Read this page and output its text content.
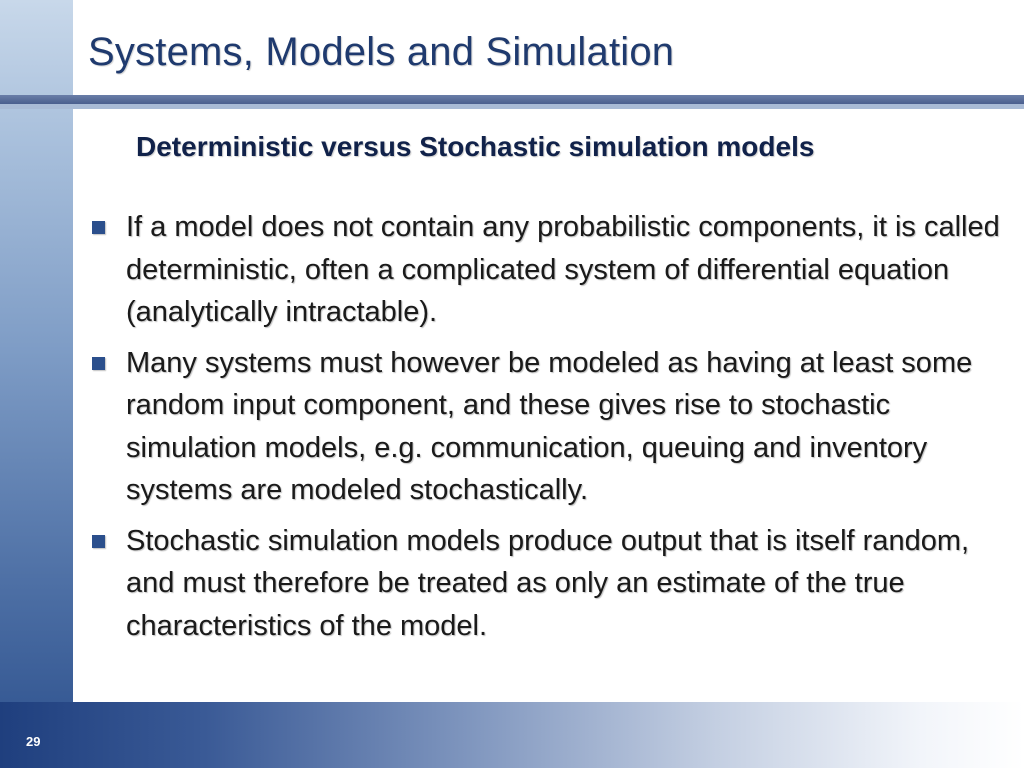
Systems, Models and Simulation
Deterministic versus Stochastic simulation models
If a model does not contain any probabilistic components, it is called deterministic, often a complicated system of differential equation (analytically intractable).
Many systems must however be modeled as having at least some random input component, and these gives rise to stochastic simulation models, e.g. communication, queuing and inventory systems are modeled stochastically.
Stochastic simulation models produce output that is itself random, and must therefore be treated as only an estimate of the true characteristics of the model.
29
